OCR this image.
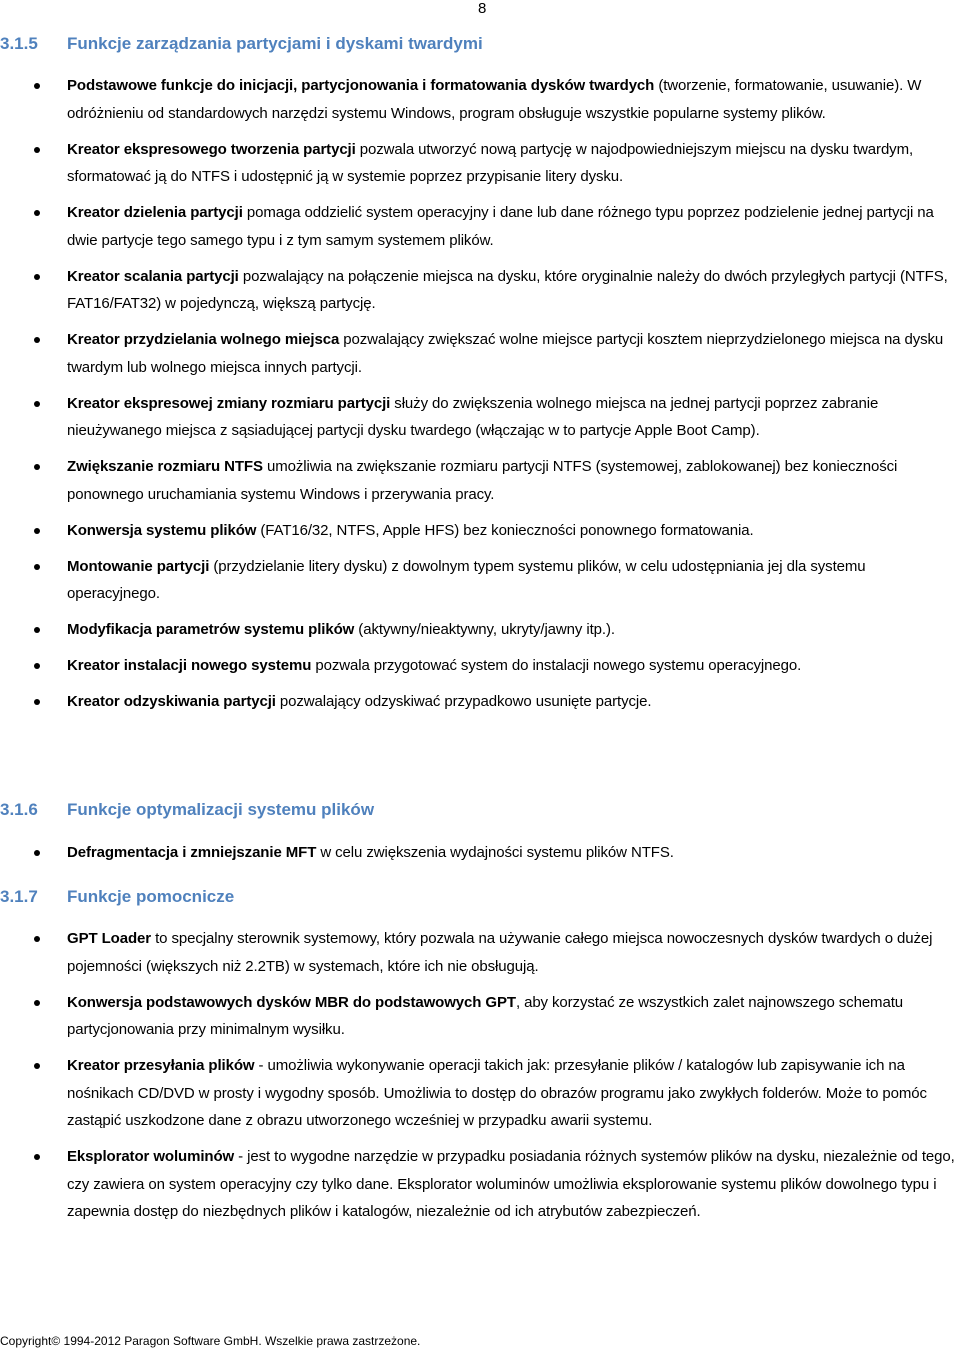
8
3.1.5 Funkcje zarządzania partycjami i dyskami twardymi
Podstawowe funkcje do inicjacji, partycjonowania i formatowania dysków twardych (tworzenie, formatowanie, usuwanie). W odróżnieniu od standardowych narzędzi systemu Windows, program obsługuje wszystkie popularne systemy plików.
Kreator ekspresowego tworzenia partycji pozwala utworzyć nową partycję w najodpowiedniejszym miejscu na dysku twardym, sformatować ją do NTFS i udostępnić ją w systemie poprzez przypisanie litery dysku.
Kreator dzielenia partycji pomaga oddzielić system operacyjny i dane lub dane różnego typu poprzez podzielenie jednej partycji na dwie partycje tego samego typu i z tym samym systemem plików.
Kreator scalania partycji pozwalający na połączenie miejsca na dysku, które oryginalnie należy do dwóch przyległych partycji (NTFS, FAT16/FAT32) w pojedynczą, większą partycję.
Kreator przydzielania wolnego miejsca pozwalający zwiększać wolne miejsce partycji kosztem nieprzydzielonego miejsca na dysku twardym lub wolnego miejsca innych partycji.
Kreator ekspresowej zmiany rozmiaru partycji służy do zwiększenia wolnego miejsca na jednej partycji poprzez zabranie nieużywanego miejsca z sąsiadującej partycji dysku twardego (włączając w to partycje Apple Boot Camp).
Zwiększanie rozmiaru NTFS umożliwia na zwiększanie rozmiaru partycji NTFS (systemowej, zablokowanej) bez konieczności ponownego uruchamiania systemu Windows i przerywania pracy.
Konwersja systemu plików (FAT16/32, NTFS, Apple HFS) bez konieczności ponownego formatowania.
Montowanie partycji (przydzielanie litery dysku) z dowolnym typem systemu plików, w celu udostępniania jej dla systemu operacyjnego.
Modyfikacja parametrów systemu plików (aktywny/nieaktywny, ukryty/jawny itp.).
Kreator instalacji nowego systemu pozwala przygotować system do instalacji nowego systemu operacyjnego.
Kreator odzyskiwania partycji pozwalający odzyskiwać przypadkowo usunięte partycje.
3.1.6 Funkcje optymalizacji systemu plików
Defragmentacja i zmniejszanie MFT w celu zwiększenia wydajności systemu plików NTFS.
3.1.7 Funkcje pomocnicze
GPT Loader to specjalny sterownik systemowy, który pozwala na używanie całego miejsca nowoczesnych dysków twardych o dużej pojemności (większych niż 2.2TB) w systemach, które ich nie obsługują.
Konwersja podstawowych dysków MBR do podstawowych GPT, aby korzystać ze wszystkich zalet najnowszego schematu partycjonowania przy minimalnym wysiłku.
Kreator przesyłania plików - umożliwia wykonywanie operacji takich jak: przesyłanie plików / katalogów lub zapisywanie ich na nośnikach CD/DVD w prosty i wygodny sposób. Umożliwia to dostęp do obrazów programu jako zwykłych folderów. Może to pomóc zastąpić uszkodzone dane z obrazu utworzonego wcześniej w przypadku awarii systemu.
Eksplorator woluminów - jest to wygodne narzędzie w przypadku posiadania różnych systemów plików na dysku, niezależnie od tego, czy zawiera on system operacyjny czy tylko dane. Eksplorator woluminów umożliwia eksplorowanie systemu plików dowolnego typu i zapewnia dostęp do niezbędnych plików i katalogów, niezależnie od ich atrybutów zabezpieczeń.
Copyright© 1994-2012 Paragon Software GmbH. Wszelkie prawa zastrzeżone.
